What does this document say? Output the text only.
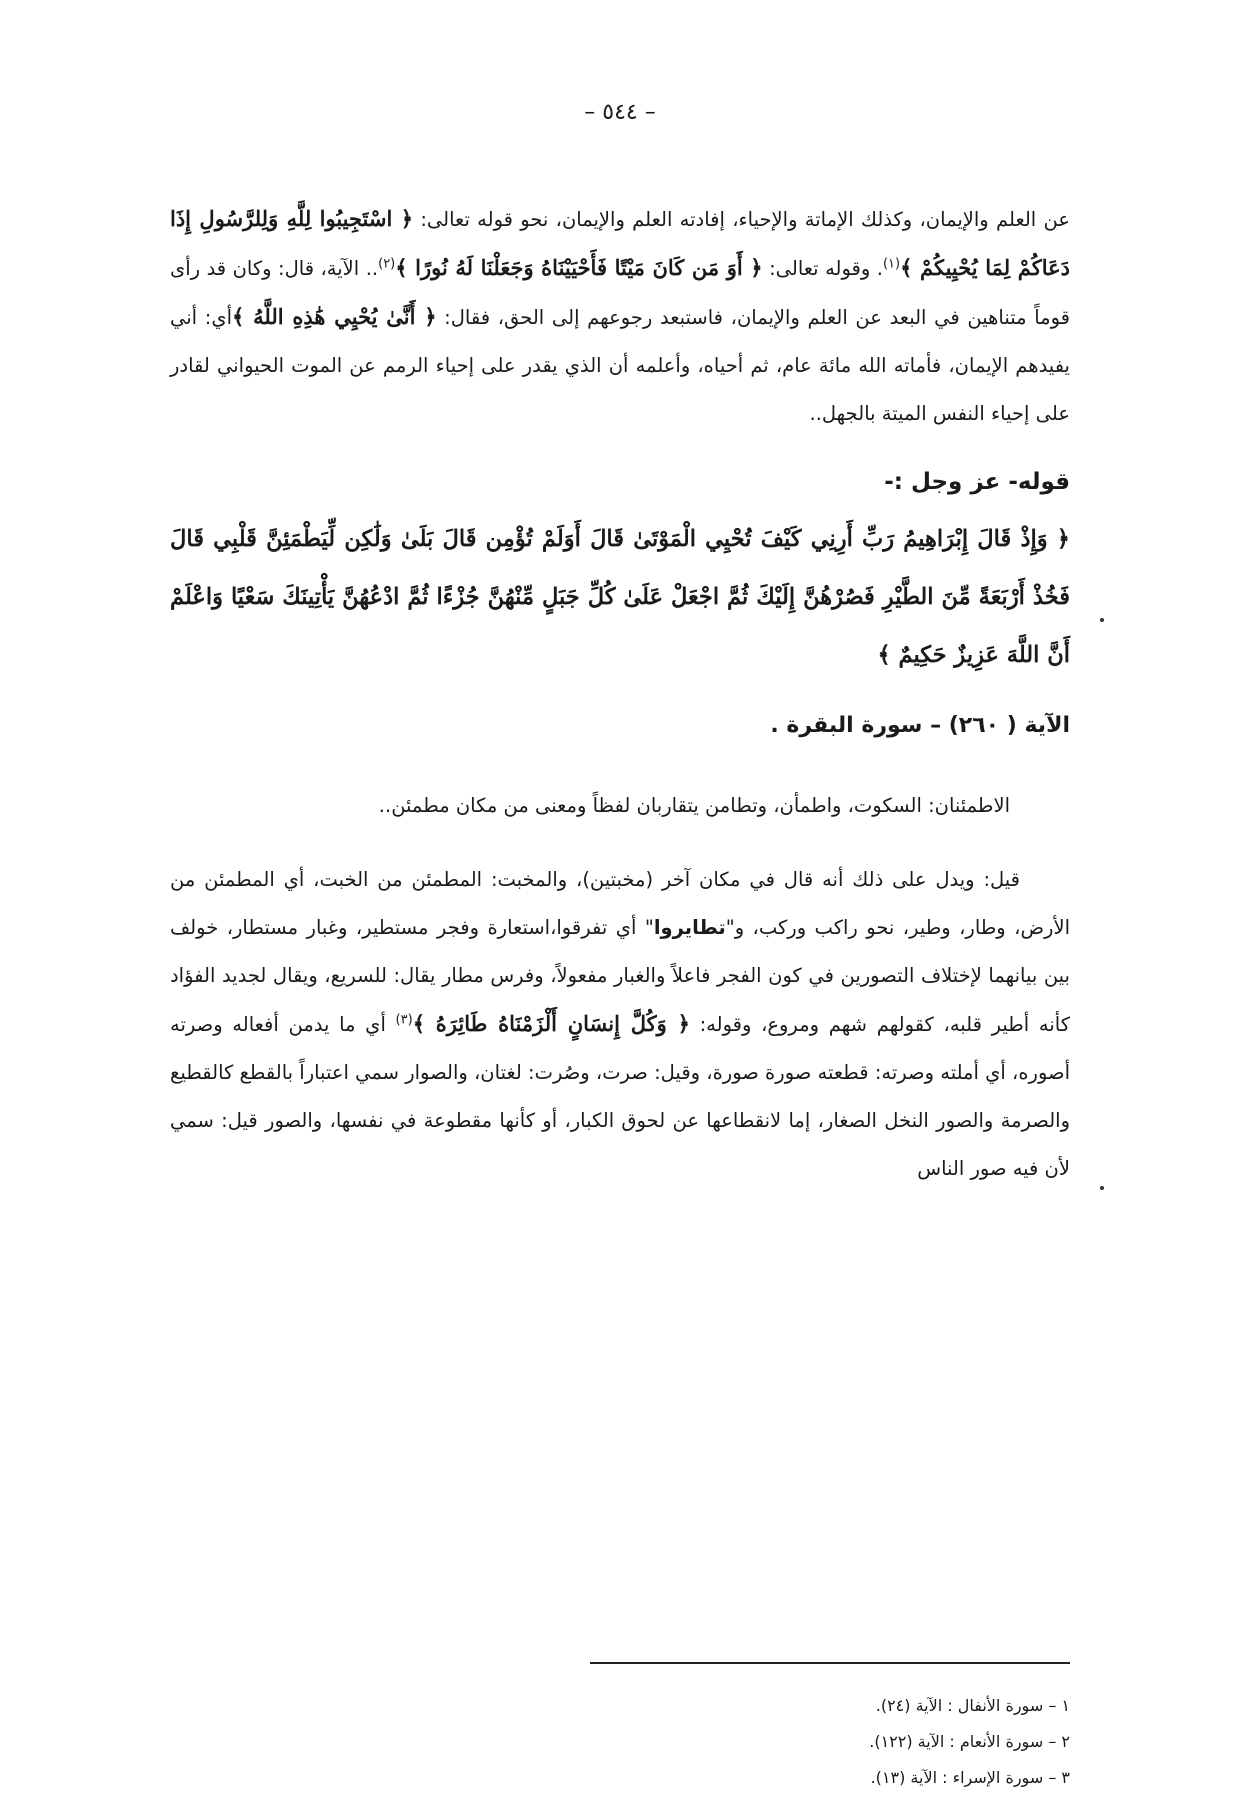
– ٥٤٤ –

عن العلم والإيمان، وكذلك الإماتة والإحياء، إفادته العلم والإيمان، نحو قوله تعالى: ﴿ اسْتَجِيبُوا لِلَّهِ وَلِلرَّسُولِ إِذَا دَعَاكُمْ لِمَا يُحْيِيكُمْ ﴾$^{(١)}$. وقوله تعالى: ﴿ أَوَ مَن كَانَ مَيْتًا فَأَحْيَيْنَاهُ وَجَعَلْنَا لَهُ نُورًا ﴾$^{(٢)}$.. الآية، قال: وكان قد رأى قوماً متناهين في البعد عن العلم والإيمان، فاستبعد رجوعهم إلى الحق، فقال: ﴿ أَنَّىٰ يُحْيِي هَٰذِهِ اللَّهُ ﴾أي: أني يفيدهم الإيمان، فأماته الله مائة عام، ثم أحياه، وأعلمه أن الذي يقدر على إحياء الرمم عن الموت الحيواني لقادر على إحياء النفس الميتة بالجهل..

قوله- عز وجل :-
﴿ وَإِذْ قَالَ إِبْرَاهِيمُ رَبِّ أَرِنِي كَيْفَ تُحْيِي الْمَوْتَىٰ قَالَ أَوَلَمْ تُؤْمِن قَالَ بَلَىٰ وَلَٰكِن لِّيَطْمَئِنَّ قَلْبِي قَالَ فَخُذْ أَرْبَعَةً مِّنَ الطَّيْرِ فَصُرْهُنَّ إِلَيْكَ ثُمَّ اجْعَلْ عَلَىٰ كُلِّ جَبَلٍ مِّنْهُنَّ جُزْءًا ثُمَّ ادْعُهُنَّ يَأْتِينَكَ سَعْيًا وَاعْلَمْ أَنَّ اللَّهَ عَزِيزٌ حَكِيمٌ ﴾
الآية ( ٢٦٠) – سورة البقرة .
الاطمئنان: السكوت، واطمأن، وتطامن يتقاربان لفظاً ومعنى من مكان مطمئن..

قيل: ويدل على ذلك أنه قال في مكان آخر (مخبتين)، والمخبت: المطمئن من الخبت، أي المطمئن من الأرض، وطار، وطير، نحو راكب وركب، و"تطايروا" أي تفرقوا،استعارة وفجر مستطير، وغبار مستطار، خولف بين بيانهما لإختلاف التصورين في كون الفجر فاعلاً والغبار مفعولاً، وفرس مطار يقال: للسريع، ويقال لجديد الفؤاد كأنه أطير قلبه، كقولهم شهم ومروع، وقوله: ﴿ وَكُلَّ إِنسَانٍ أَلْزَمْنَاهُ طَائِرَهُ ﴾$^{(٣)}$ أي ما يدمن أفعاله وصرته أصوره، أي أملته وصرته: قطعته صورة صورة، وقيل: صرت، وصُرت: لغتان، والصوار سمي اعتباراً بالقطع كالقطيع والصرمة والصور النخل الصغار، إما لانقطاعها عن لحوق الكبار، أو كأنها مقطوعة في نفسها، والصور قيل: سمي لأن فيه صور الناس

١ – سورة الأنفال : الآية (٢٤).
٢ – سورة الأنعام : الآية (١٢٢).
٣ – سورة الإسراء : الآية (١٣).
